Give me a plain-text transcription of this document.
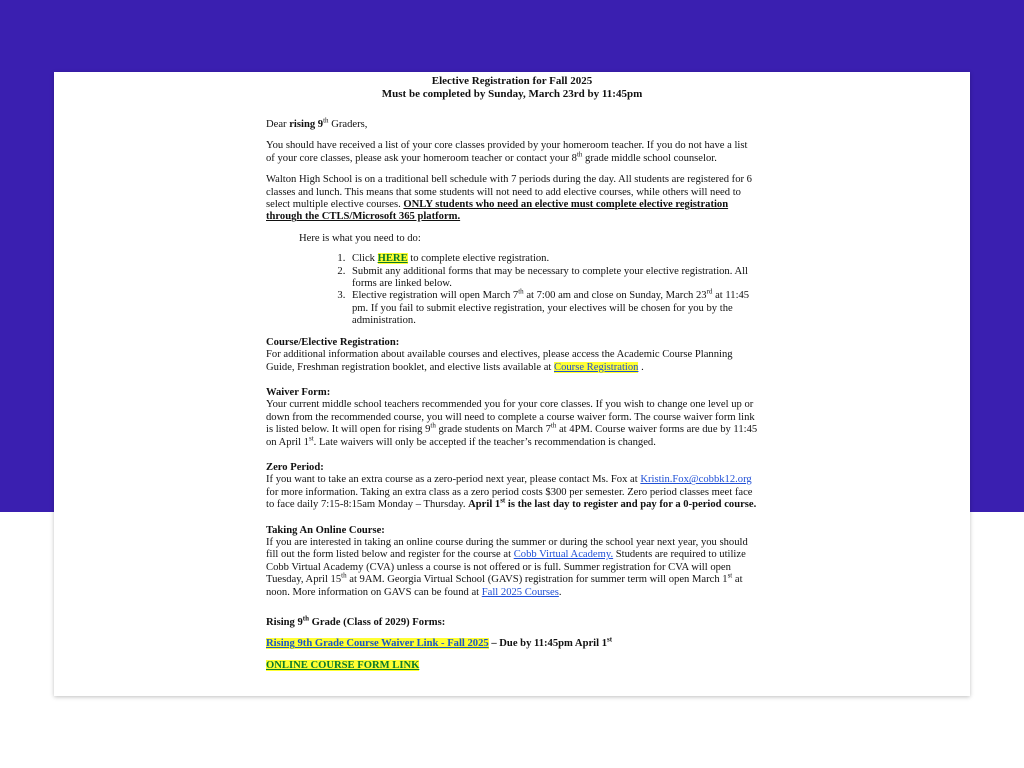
Elective Registration for Fall 2025

Must be completed by Sunday, March 23rd by 11:45pm

Dear rising 9th Graders,

You should have received a list of your core classes provided by your homeroom teacher. If you do not have a list of your core classes, please ask your homeroom teacher or contact your 8th grade middle school counselor.

Walton High School is on a traditional bell schedule with 7 periods during the day. All students are registered for 6 classes and lunch. This means that some students will not need to add elective courses, while others will need to select multiple elective courses. ONLY students who need an elective must complete elective registration through the CTLS/Microsoft 365 platform.

Here is what you need to do:

1. Click HERE to complete elective registration.
2. Submit any additional forms that may be necessary to complete your elective registration. All forms are linked below.
3. Elective registration will open March 7th at 7:00 am and close on Sunday, March 23rd at 11:45 pm. If you fail to submit elective registration, your electives will be chosen for you by the administration.

Course/Elective Registration:

For additional information about available courses and electives, please access the Academic Course Planning Guide, Freshman registration booklet, and elective lists available at Course Registration .

Waiver Form:

Your current middle school teachers recommended you for your core classes. If you wish to change one level up or down from the recommended course, you will need to complete a course waiver form. The course waiver form link is listed below. It will open for rising 9th grade students on March 7th at 4PM. Course waiver forms are due by 11:45 on April 1st. Late waivers will only be accepted if the teacher’s recommendation is changed.

Zero Period:

If you want to take an extra course as a zero-period next year, please contact Ms. Fox at Kristin.Fox@cobbk12.org for more information. Taking an extra class as a zero period costs $300 per semester. Zero period classes meet face to face daily 7:15-8:15am Monday – Thursday. April 1st is the last day to register and pay for a 0-period course.

Taking An Online Course:

If you are interested in taking an online course during the summer or during the school year next year, you should fill out the form listed below and register for the course at Cobb Virtual Academy. Students are required to utilize Cobb Virtual Academy (CVA) unless a course is not offered or is full. Summer registration for CVA will open Tuesday, April 15th at 9AM. Georgia Virtual School (GAVS) registration for summer term will open March 1st at noon. More information on GAVS can be found at Fall 2025 Courses.

Rising 9th Grade (Class of 2029) Forms:

Rising 9th Grade Course Waiver Link - Fall 2025 – Due by 11:45pm April 1st

ONLINE COURSE FORM LINK
